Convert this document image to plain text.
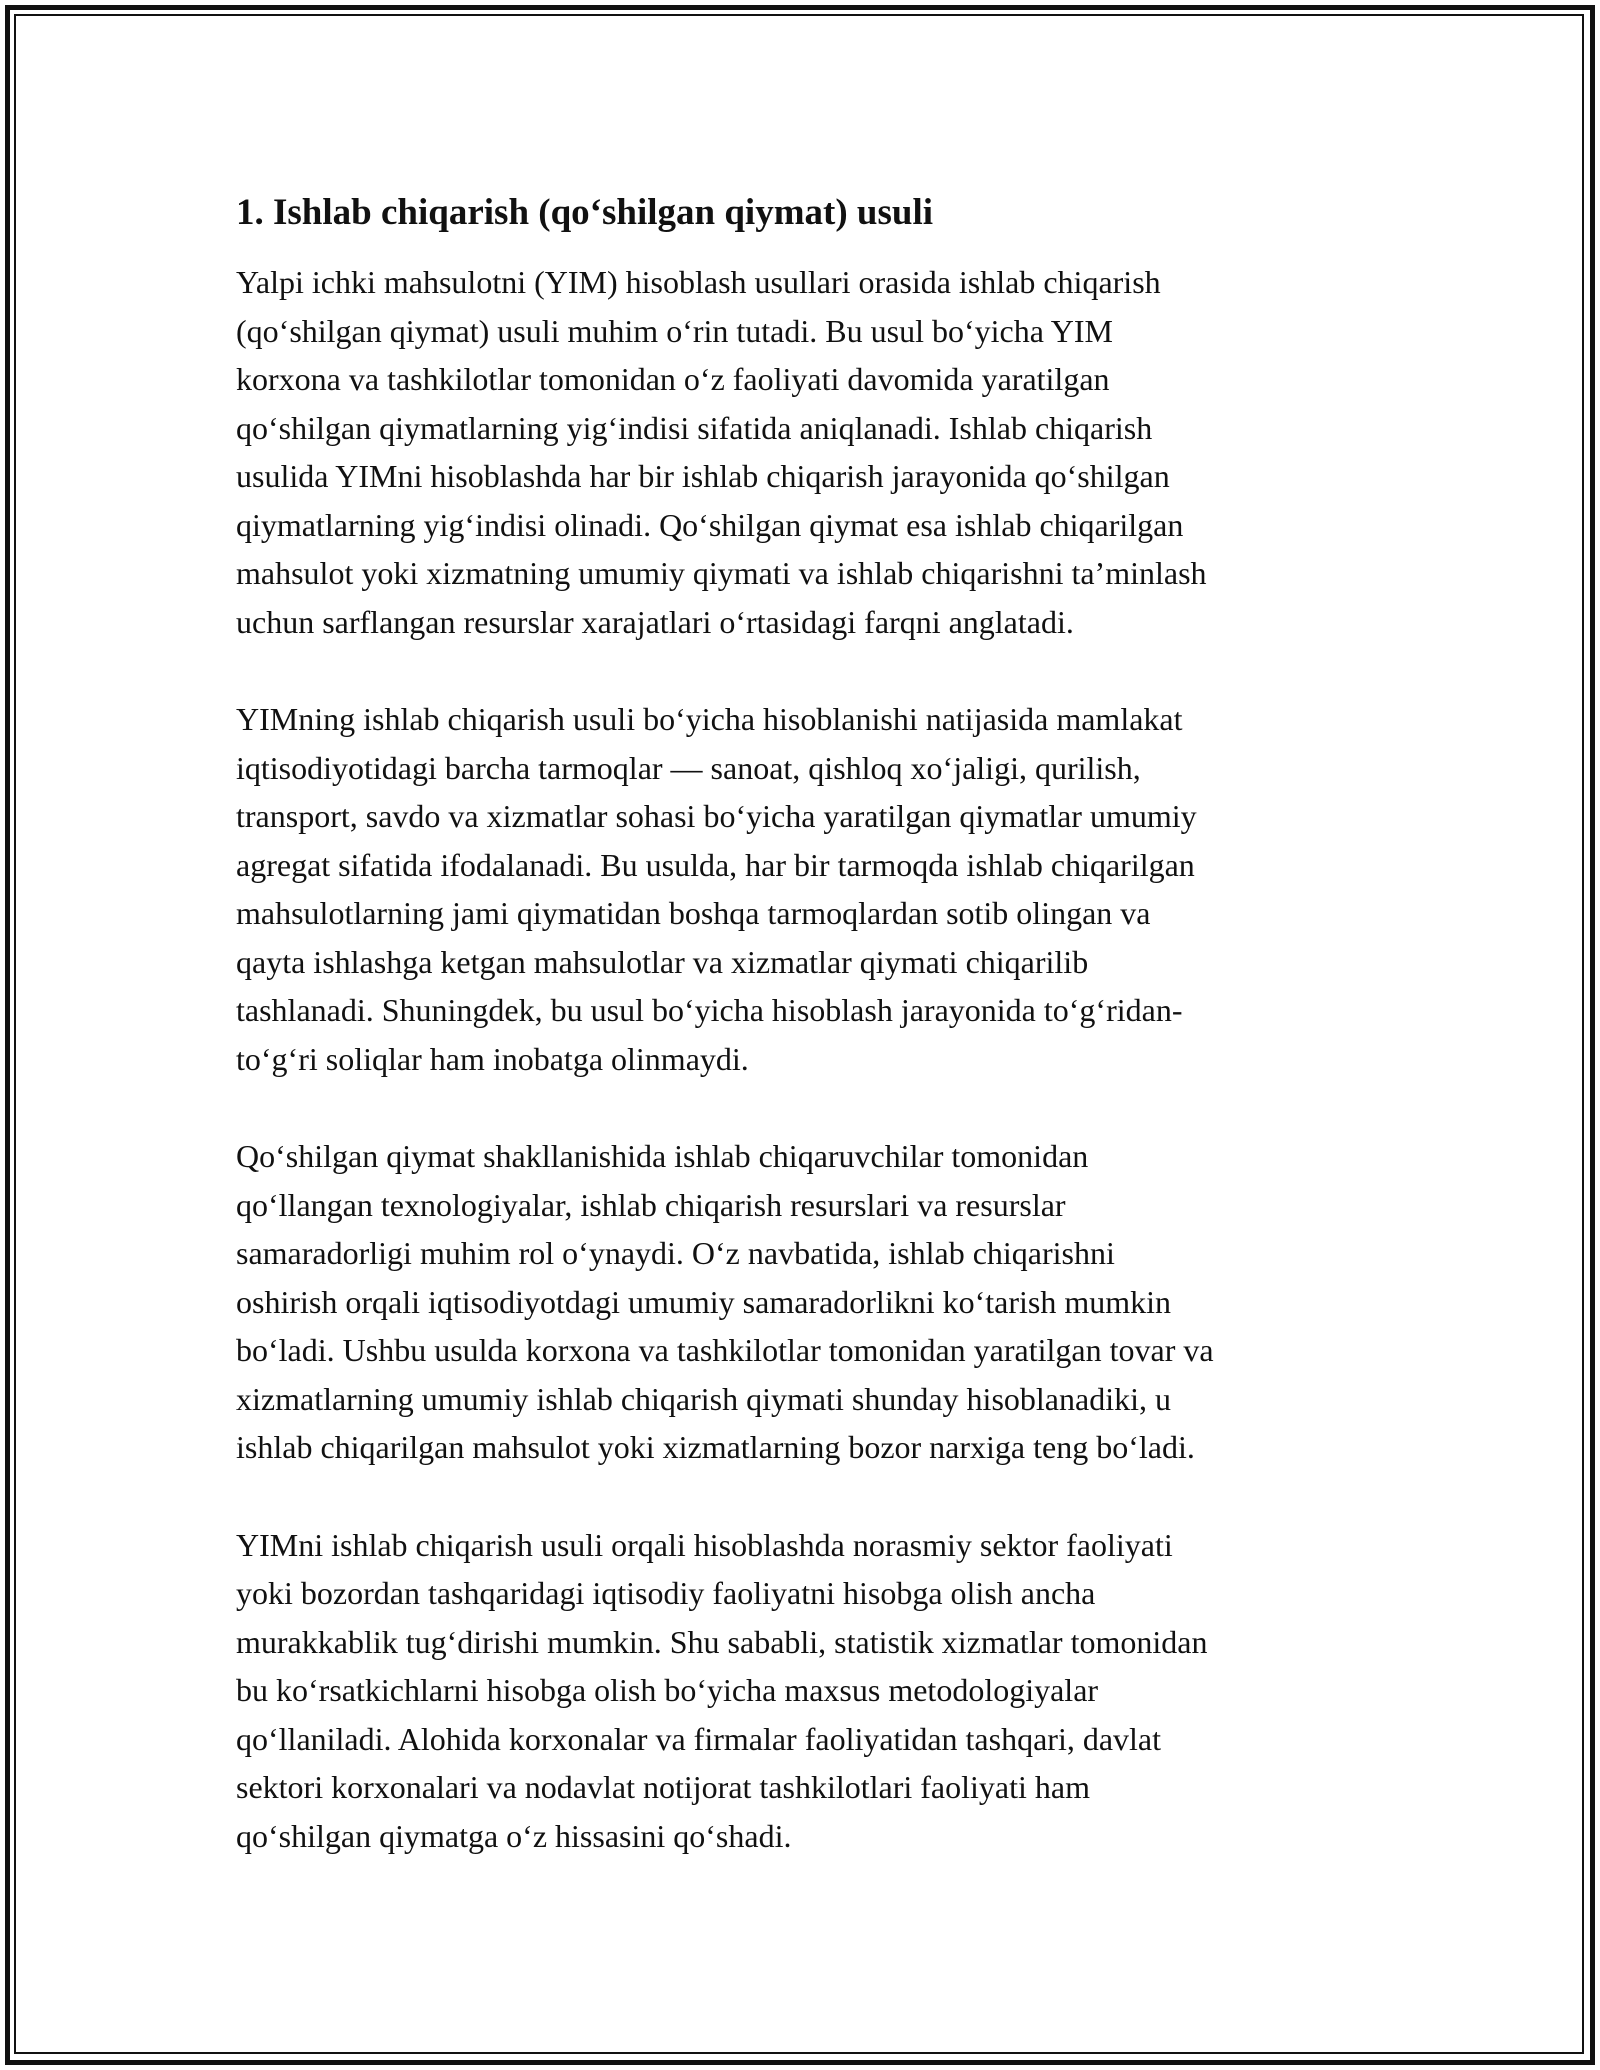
1. Ishlab chiqarish (qo‘shilgan qiymat) usuli

Yalpi ichki mahsulotni (YIM) hisoblash usullari orasida ishlab chiqarish
(qo‘shilgan qiymat) usuli muhim o‘rin tutadi. Bu usul bo‘yicha YIM
korxona va tashkilotlar tomonidan o‘z faoliyati davomida yaratilgan
qo‘shilgan qiymatlarning yig‘indisi sifatida aniqlanadi. Ishlab chiqarish
usulida YIMni hisoblashda har bir ishlab chiqarish jarayonida qo‘shilgan
qiymatlarning yig‘indisi olinadi. Qo‘shilgan qiymat esa ishlab chiqarilgan
mahsulot yoki xizmatning umumiy qiymati va ishlab chiqarishni ta’minlash
uchun sarflangan resurslar xarajatlari o‘rtasidagi farqni anglatadi.

YIMning ishlab chiqarish usuli bo‘yicha hisoblanishi natijasida mamlakat
iqtisodiyotidagi barcha tarmoqlar — sanoat, qishloq xo‘jaligi, qurilish,
transport, savdo va xizmatlar sohasi bo‘yicha yaratilgan qiymatlar umumiy
agregat sifatida ifodalanadi. Bu usulda, har bir tarmoqda ishlab chiqarilgan
mahsulotlarning jami qiymatidan boshqa tarmoqlardan sotib olingan va
qayta ishlashga ketgan mahsulotlar va xizmatlar qiymati chiqarilib
tashlanadi. Shuningdek, bu usul bo‘yicha hisoblash jarayonida to‘g‘ridan-
to‘g‘ri soliqlar ham inobatga olinmaydi.

Qo‘shilgan qiymat shakllanishida ishlab chiqaruvchilar tomonidan
qo‘llangan texnologiyalar, ishlab chiqarish resurslari va resurslar
samaradorligi muhim rol o‘ynaydi. O‘z navbatida, ishlab chiqarishni
oshirish orqali iqtisodiyotdagi umumiy samaradorlikni ko‘tarish mumkin
bo‘ladi. Ushbu usulda korxona va tashkilotlar tomonidan yaratilgan tovar va
xizmatlarning umumiy ishlab chiqarish qiymati shunday hisoblanadiki, u
ishlab chiqarilgan mahsulot yoki xizmatlarning bozor narxiga teng bo‘ladi.

YIMni ishlab chiqarish usuli orqali hisoblashda norasmiy sektor faoliyati
yoki bozordan tashqaridagi iqtisodiy faoliyatni hisobga olish ancha
murakkablik tug‘dirishi mumkin. Shu sababli, statistik xizmatlar tomonidan
bu ko‘rsatkichlarni hisobga olish bo‘yicha maxsus metodologiyalar
qo‘llaniladi. Alohida korxonalar va firmalar faoliyatidan tashqari, davlat
sektori korxonalari va nodavlat notijorat tashkilotlari faoliyati ham
qo‘shilgan qiymatga o‘z hissasini qo‘shadi.
